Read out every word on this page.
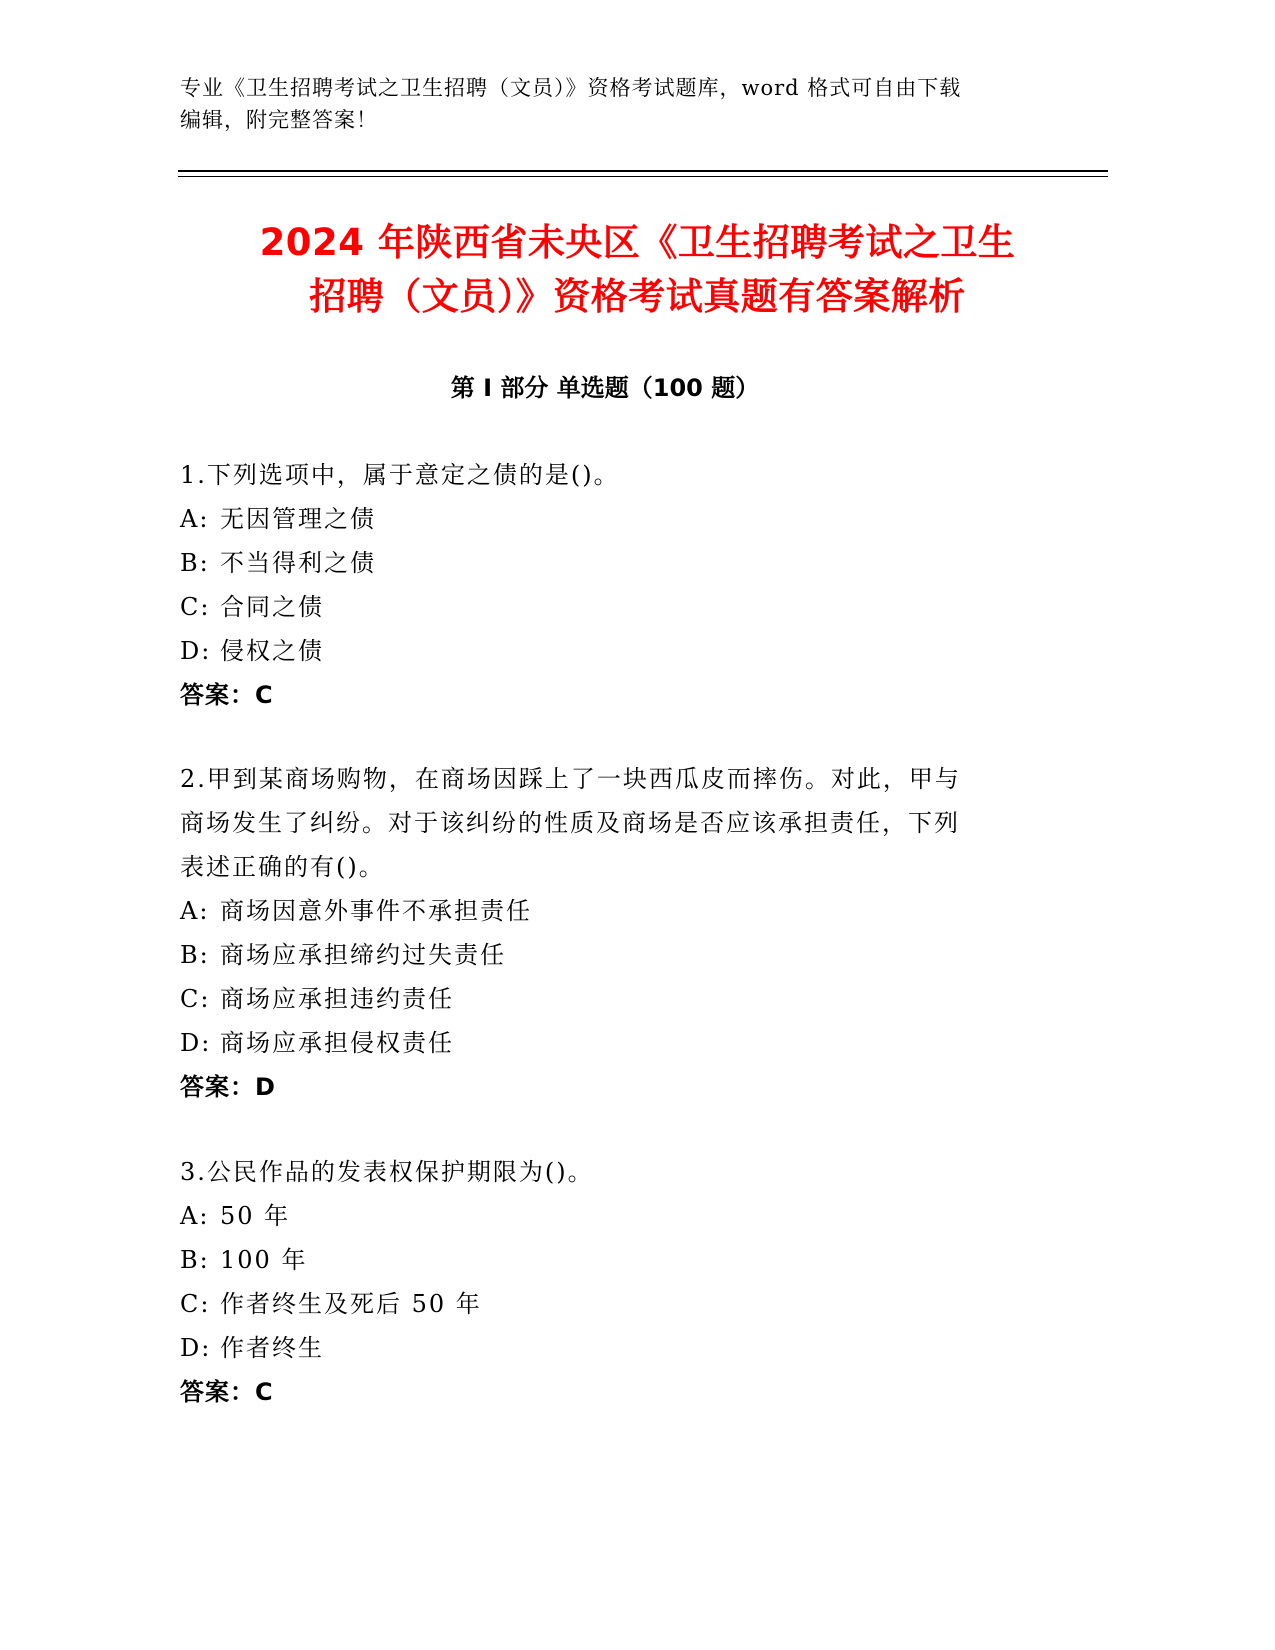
专业《卫生招聘考试之卫生招聘（文员）》资格考试题库，word 格式可自由下载
编辑，附完整答案！
2024 年陕西省未央区《卫生招聘考试之卫生
招聘（文员）》资格考试真题有答案解析
第 I 部分 单选题（100 题）

1.下列选项中，属于意定之债的是()。

A: 无因管理之债

B: 不当得利之债

C: 合同之债

D: 侵权之债

答案：C

2.甲到某商场购物，在商场因踩上了一块西瓜皮而摔伤。对此，甲与

商场发生了纠纷。对于该纠纷的性质及商场是否应该承担责任，下列

表述正确的有()。

A: 商场因意外事件不承担责任

B: 商场应承担缔约过失责任

C: 商场应承担违约责任

D: 商场应承担侵权责任

答案：D

3.公民作品的发表权保护期限为()。

A: 50 年

B: 100 年

C: 作者终生及死后 50 年

D: 作者终生

答案：C
